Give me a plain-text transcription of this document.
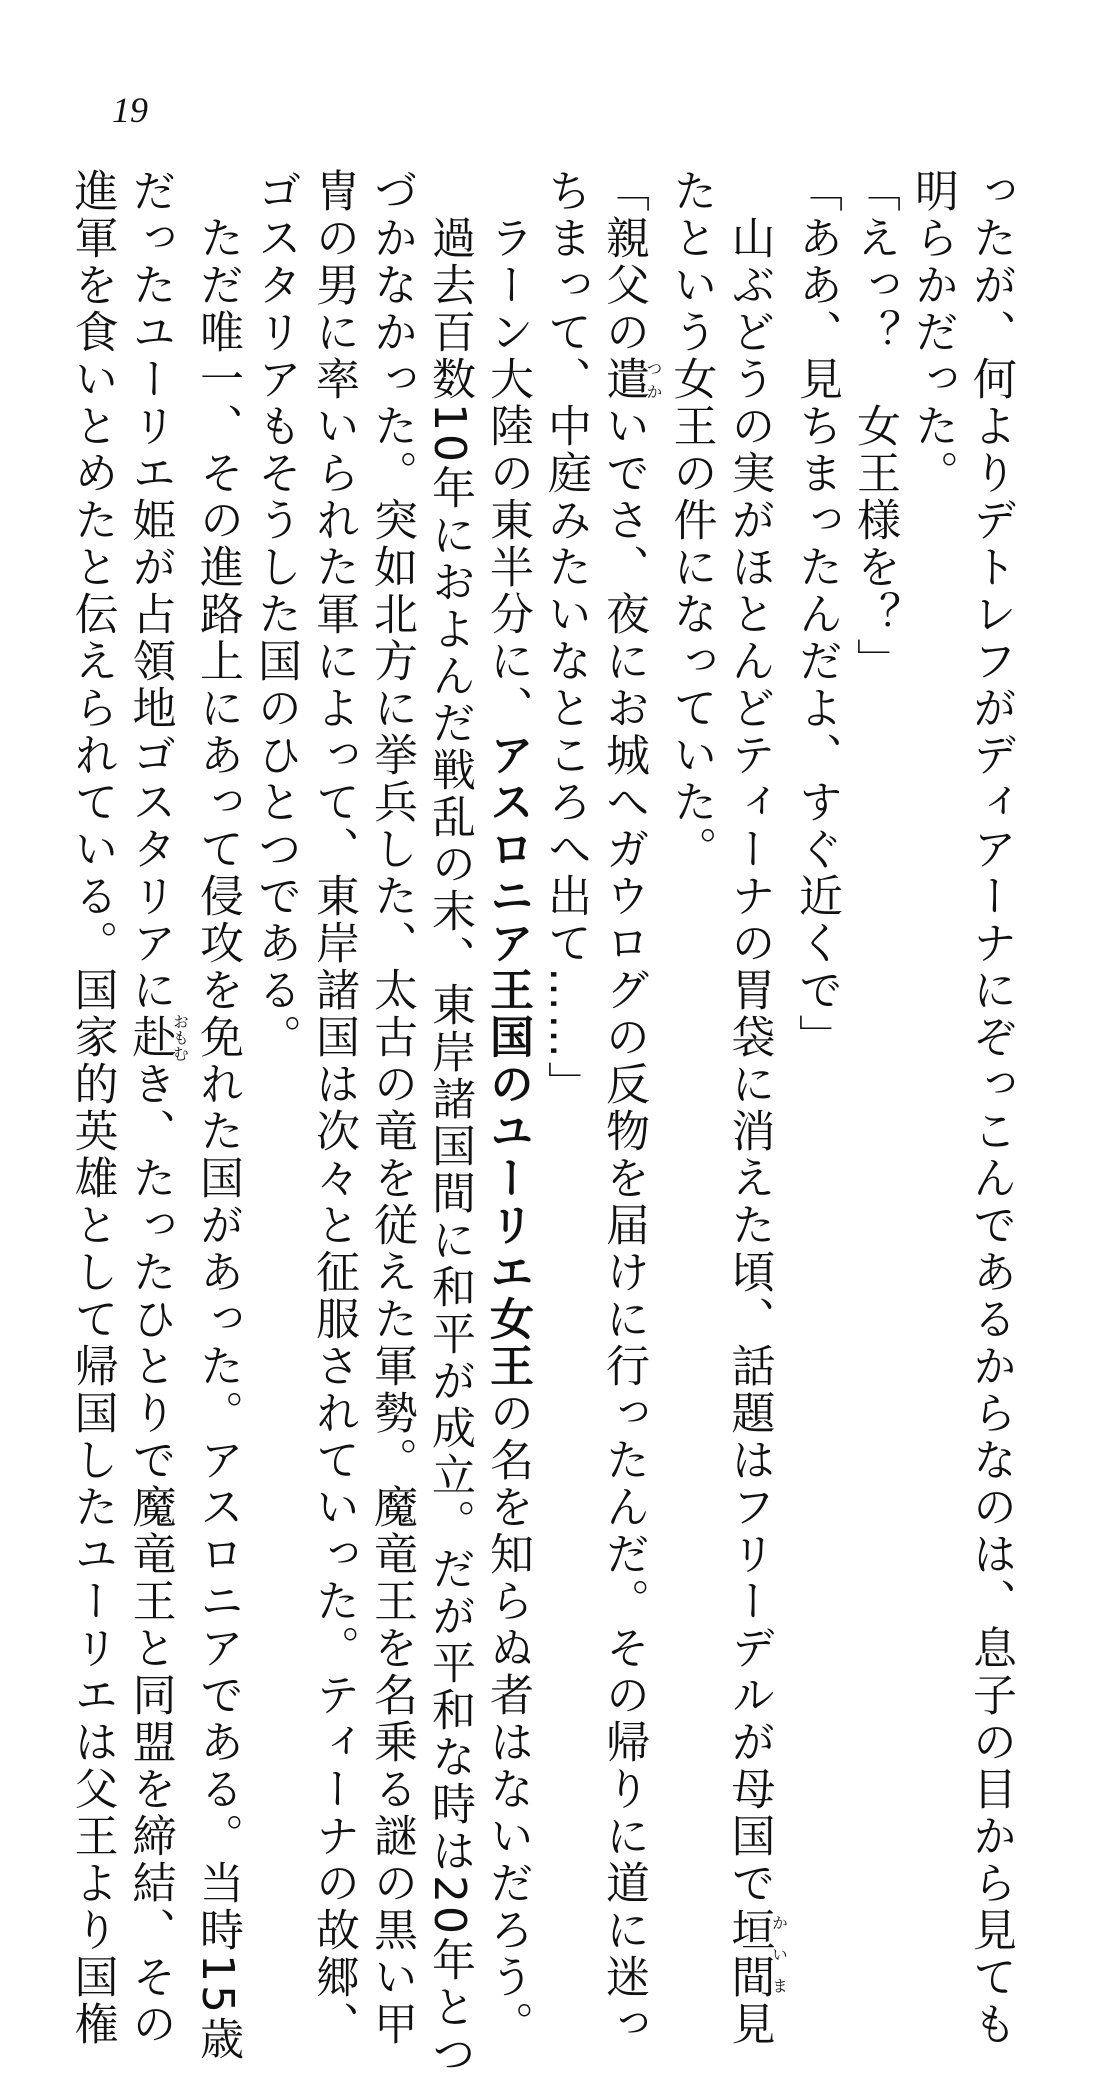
19
ったが、何よりデトレフがディアーナにぞっこんであるからなのは、息子の目から見ても
明らかだった。
「えっ？　女王様を？」
「ああ、見ちまったんだよ、すぐ近くで」
　山ぶどうの実がほとんどティーナの胃袋に消えた頃、話題はフリーデルが母国で垣間かいま見
たという女王の件になっていた。
「親父の遣つかいでさ、夜にお城へガウログの反物を届けに行ったんだ。その帰りに道に迷っ
ちまって、中庭みたいなところへ出て……」
　ラーン大陸の東半分に、アスロニア王国のユーリエ女王の名を知らぬ者はないだろう。
　過去百数10年におよんだ戦乱の末、東岸諸国間に和平が成立。だが平和な時は20年とつ
づかなかった。突如北方に挙兵した、太古の竜を従えた軍勢。魔竜王を名乗る謎の黒い甲
冑の男に率いられた軍によって、東岸諸国は次々と征服されていった。ティーナの故郷、
ゴスタリアもそうした国のひとつである。
　ただ唯一、その進路上にあって侵攻を免れた国があった。アスロニアである。当時15歳
だったユーリエ姫が占領地ゴスタリアに赴おもむき、たったひとりで魔竜王と同盟を締結、その
進軍を食いとめたと伝えられている。国家的英雄として帰国したユーリエは父王より国権
